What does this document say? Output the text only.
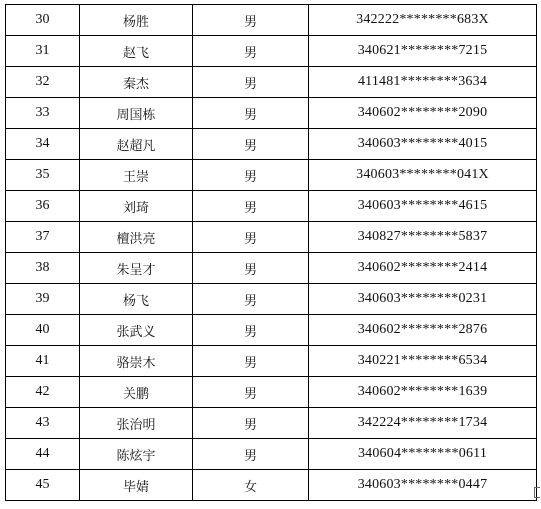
30	杨胜	男	342222********683X
31	赵飞	男	340621********7215
32	秦杰	男	411481********3634
33	周国栋	男	340602********2090
34	赵超凡	男	340603********4015
35	王崇	男	340603********041X
36	刘琦	男	340603********4615
37	檀洪亮	男	340827********5837
38	朱呈才	男	340602********2414
39	杨飞	男	340603********0231
40	张武义	男	340602********2876
41	骆崇木	男	340221********6534
42	关鹏	男	340602********1639
43	张治明	男	342224********1734
44	陈炫宇	男	340604********0611
45	毕婧	女	340603********0447
